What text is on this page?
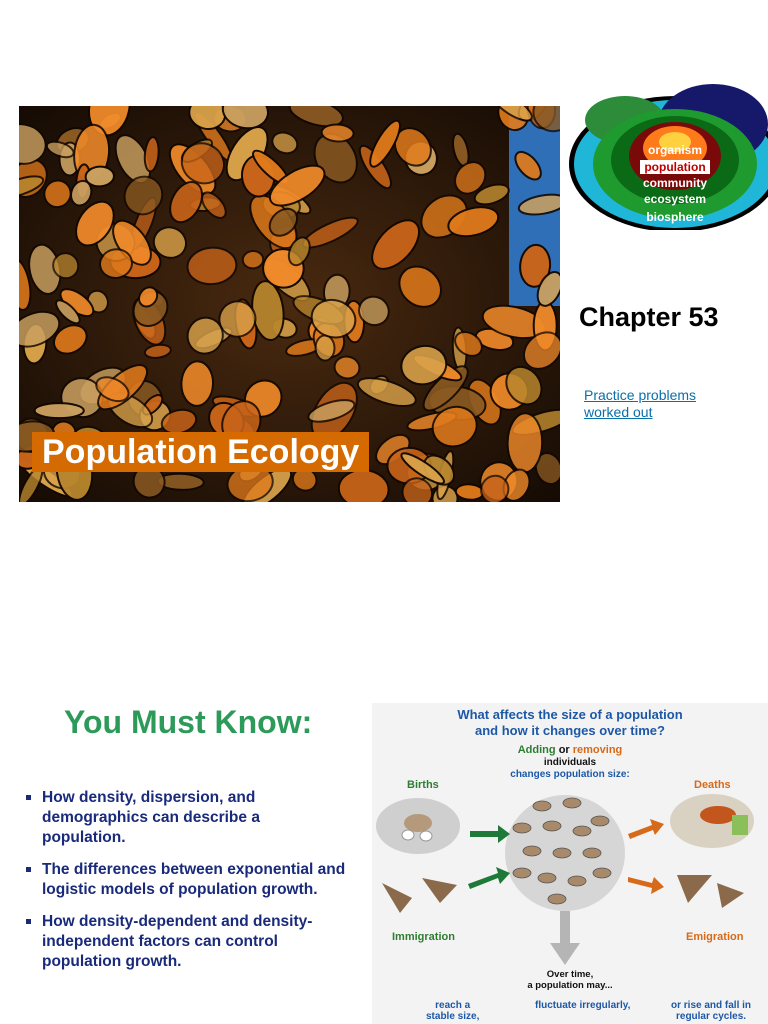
Population Ecology
organism
population
community
ecosystem
biosphere
Chapter 53
Practice problems
worked out
You Must Know:
How density, dispersion, and demographics can describe a population.
The differences between exponential and logistic models of population growth.
How density-dependent and density-independent factors can control population growth.
What affects the size of a population
and how it changes over time?
Adding or removing
individuals
changes population size:
Births	Deaths
Immigration	Emigration
Over time,
a population may...
reach a
stable size,
fluctuate irregularly,	or rise and fall in
regular cycles.
